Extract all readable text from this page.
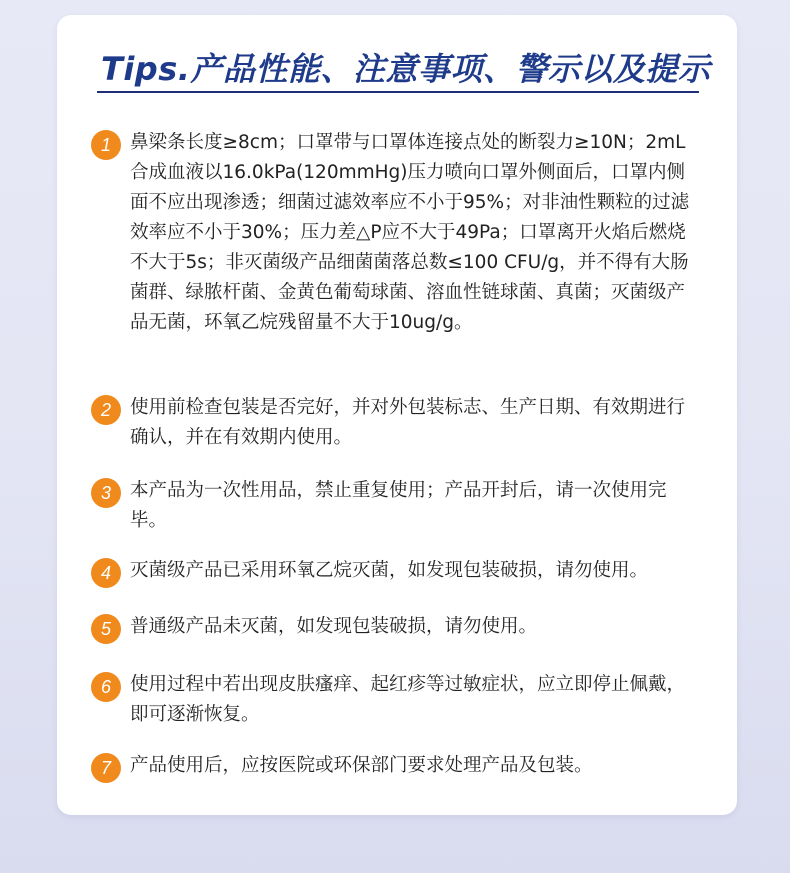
Tips.产品性能、注意事项、警示以及提示
1	鼻梁条长度≥8cm；口罩带与口罩体连接点处的断裂力≥10N；2mL合成血液以16.0kPa(120mmHg)压力喷向口罩外侧面后，口罩内侧面不应出现渗透；细菌过滤效率应不小于95%；对非油性颗粒的过滤效率应不小于30%；压力差△P应不大于49Pa；口罩离开火焰后燃烧不大于5s；非灭菌级产品细菌菌落总数≤100 CFU/g，并不得有大肠菌群、绿脓杆菌、金黄色葡萄球菌、溶血性链球菌、真菌；灭菌级产品无菌，环氧乙烷残留量不大于10ug/g。
2	使用前检查包装是否完好，并对外包装标志、生产日期、有效期进行确认，并在有效期内使用。
3	本产品为一次性用品，禁止重复使用；产品开封后，请一次使用完毕。
4	灭菌级产品已采用环氧乙烷灭菌，如发现包装破损，请勿使用。
5	普通级产品未灭菌，如发现包装破损，请勿使用。
6	使用过程中若出现皮肤瘙痒、起红疹等过敏症状，应立即停止佩戴，即可逐渐恢复。
7	产品使用后，应按医院或环保部门要求处理产品及包装。
